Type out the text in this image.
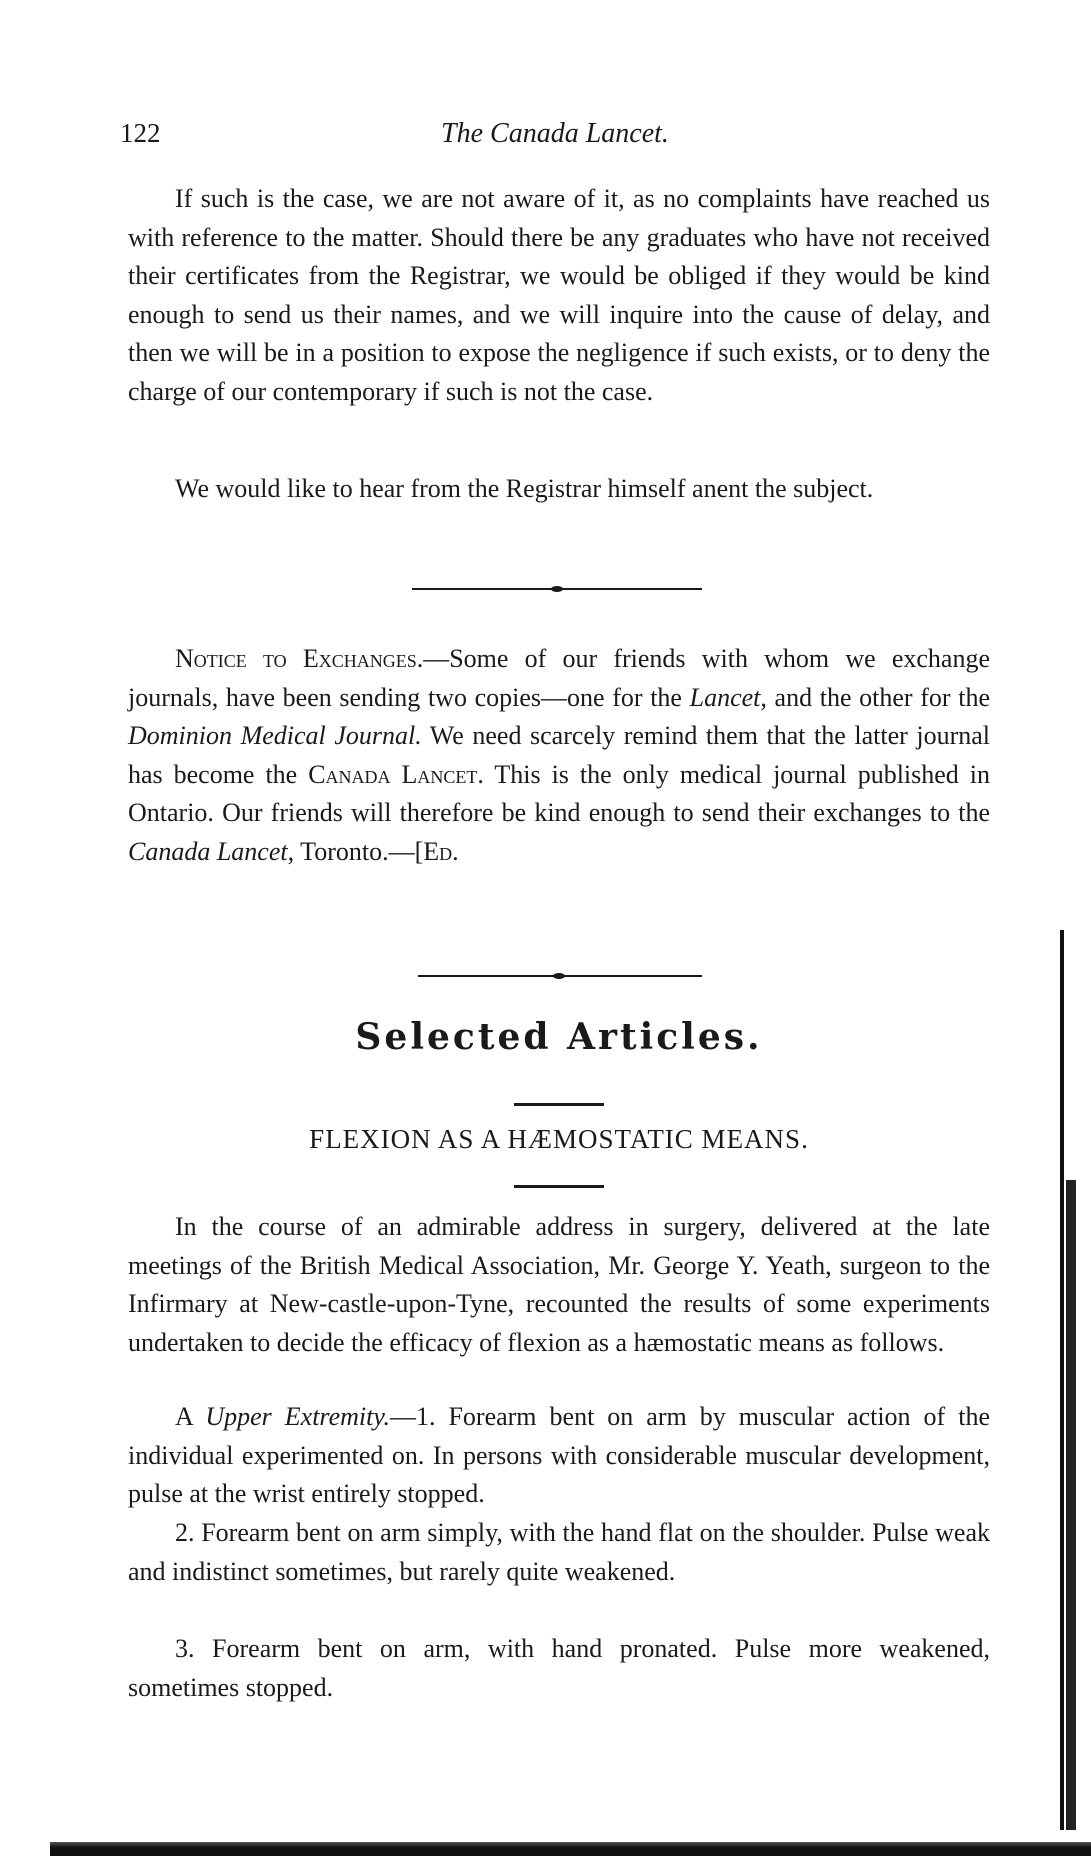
122	The Canada Lancet.

If such is the case, we are not aware of it, as no complaints have reached us with reference to the matter. Should there be any graduates who have not received their certificates from the Registrar, we would be obliged if they would be kind enough to send us their names, and we will inquire into the cause of delay, and then we will be in a position to expose the negligence if such exists, or to deny the charge of our contemporary if such is not the case.

We would like to hear from the Registrar himself anent the subject.

Notice to Exchanges.—Some of our friends with whom we exchange journals, have been sending two copies—one for the Lancet, and the other for the Dominion Medical Journal. We need scarcely remind them that the latter journal has become the Canada Lancet. This is the only medical journal published in Ontario. Our friends will therefore be kind enough to send their exchanges to the Canada Lancet, Toronto.—[Ed.

Selected Articles.
FLEXION AS A HÆMOSTATIC MEANS.

In the course of an admirable address in surgery, delivered at the late meetings of the British Medical Association, Mr. George Y. Yeath, surgeon to the Infirmary at New-castle-upon-Tyne, recounted the results of some experiments undertaken to decide the efficacy of flexion as a hæmostatic means as follows.

A Upper Extremity.—1. Forearm bent on arm by muscular action of the individual experimented on. In persons with considerable muscular development, pulse at the wrist entirely stopped.

2. Forearm bent on arm simply, with the hand flat on the shoulder. Pulse weak and indistinct sometimes, but rarely quite weakened.

3. Forearm bent on arm, with hand pronated. Pulse more weakened, sometimes stopped.
